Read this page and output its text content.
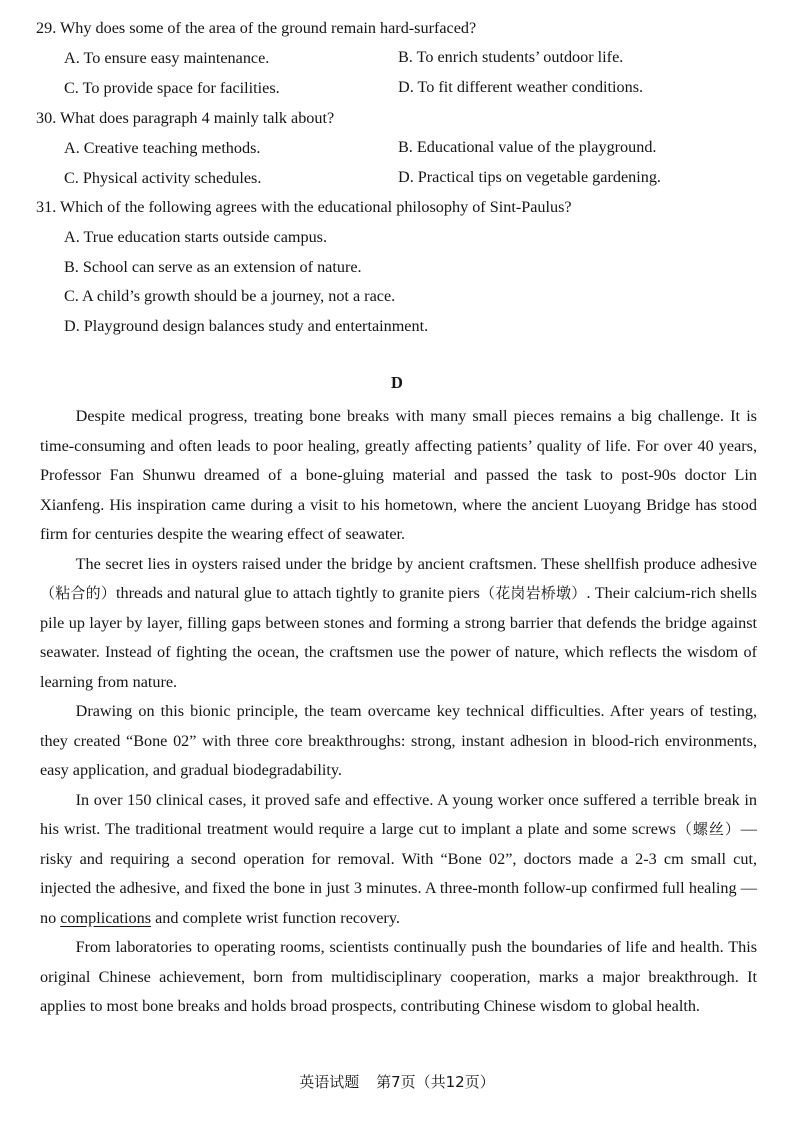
29. Why does some of the area of the ground remain hard-surfaced?
A. To ensure easy maintenance.	B. To enrich students’ outdoor life.
C. To provide space for facilities.	D. To fit different weather conditions.
30. What does paragraph 4 mainly talk about?
A. Creative teaching methods.	B. Educational value of the playground.
C. Physical activity schedules.	D. Practical tips on vegetable gardening.
31. Which of the following agrees with the educational philosophy of Sint-Paulus?
A. True education starts outside campus.
B. School can serve as an extension of nature.
C. A child’s growth should be a journey, not a race.
D. Playground design balances study and entertainment.
D

Despite medical progress, treating bone breaks with many small pieces remains a big challenge. It is time-consuming and often leads to poor healing, greatly affecting patients’ quality of life. For over 40 years, Professor Fan Shunwu dreamed of a bone-gluing material and passed the task to post-90s doctor Lin Xianfeng. His inspiration came during a visit to his hometown, where the ancient Luoyang Bridge has stood firm for centuries despite the wearing effect of seawater.

The secret lies in oysters raised under the bridge by ancient craftsmen. These shellfish produce adhesive（粘合的）threads and natural glue to attach tightly to granite piers（花岗岩桥墩）. Their calcium-rich shells pile up layer by layer, filling gaps between stones and forming a strong barrier that defends the bridge against seawater. Instead of fighting the ocean, the craftsmen use the power of nature, which reflects the wisdom of learning from nature.

Drawing on this bionic principle, the team overcame key technical difficulties. After years of testing, they created “Bone 02” with three core breakthroughs: strong, instant adhesion in blood-rich environments, easy application, and gradual biodegradability.

In over 150 clinical cases, it proved safe and effective. A young worker once suffered a terrible break in his wrist. The traditional treatment would require a large cut to implant a plate and some screws（螺丝）— risky and requiring a second operation for removal. With “Bone 02”, doctors made a 2-3 cm small cut, injected the adhesive, and fixed the bone in just 3 minutes. A three-month follow-up confirmed full healing — no complications and complete wrist function recovery.

From laboratories to operating rooms, scientists continually push the boundaries of life and health. This original Chinese achievement, born from multidisciplinary cooperation, marks a major breakthrough. It applies to most bone breaks and holds broad prospects, contributing Chinese wisdom to global health.

英语试题 第7页（共12页）
